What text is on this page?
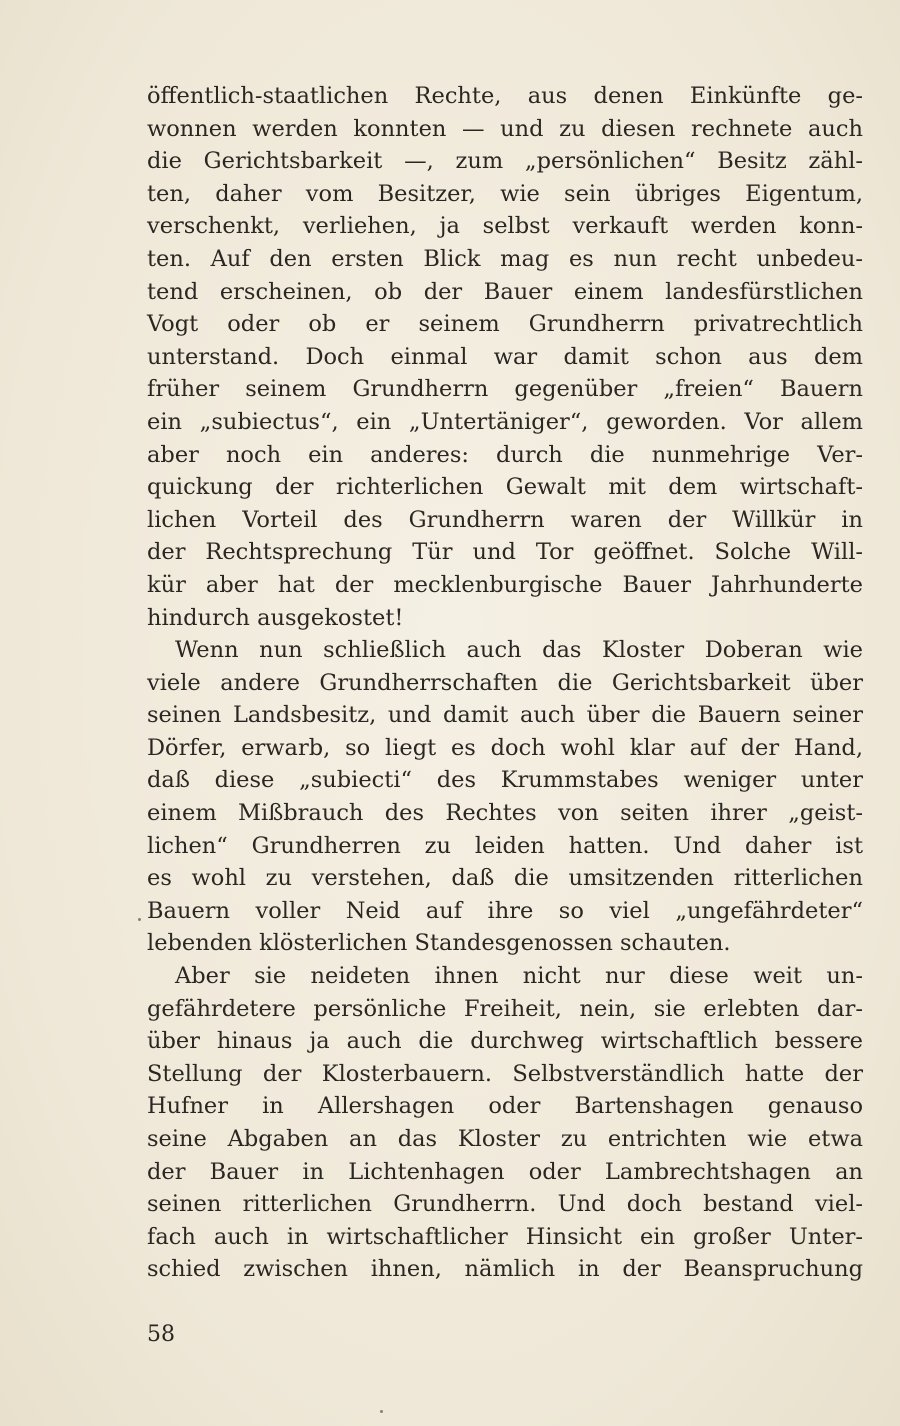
öffentlich-staatlichen Rechte, aus denen Einkünfte ge-
wonnen werden konnten — und zu diesen rechnete auch
die Gerichtsbarkeit —, zum „persönlichen“ Besitz zähl-
ten, daher vom Besitzer, wie sein übriges Eigentum,
verschenkt, verliehen, ja selbst verkauft werden konn-
ten. Auf den ersten Blick mag es nun recht unbedeu-
tend erscheinen, ob der Bauer einem landesfürstlichen
Vogt oder ob er seinem Grundherrn privatrechtlich
unterstand. Doch einmal war damit schon aus dem
früher seinem Grundherrn gegenüber „freien“ Bauern
ein „subiectus“, ein „Untertäniger“, geworden. Vor allem
aber noch ein anderes: durch die nunmehrige Ver-
quickung der richterlichen Gewalt mit dem wirtschaft-
lichen Vorteil des Grundherrn waren der Willkür in
der Rechtsprechung Tür und Tor geöffnet. Solche Will-
kür aber hat der mecklenburgische Bauer Jahrhunderte
hindurch ausgekostet!
Wenn nun schließlich auch das Kloster Doberan wie
viele andere Grundherrschaften die Gerichtsbarkeit über
seinen Landsbesitz, und damit auch über die Bauern seiner
Dörfer, erwarb, so liegt es doch wohl klar auf der Hand,
daß diese „subiecti“ des Krummstabes weniger unter
einem Mißbrauch des Rechtes von seiten ihrer „geist-
lichen“ Grundherren zu leiden hatten. Und daher ist
es wohl zu verstehen, daß die umsitzenden ritterlichen
Bauern voller Neid auf ihre so viel „ungefährdeter“
lebenden klösterlichen Standesgenossen schauten.
Aber sie neideten ihnen nicht nur diese weit un-
gefährdetere persönliche Freiheit, nein, sie erlebten dar-
über hinaus ja auch die durchweg wirtschaftlich bessere
Stellung der Klosterbauern. Selbstverständlich hatte der
Hufner in Allershagen oder Bartenshagen genauso
seine Abgaben an das Kloster zu entrichten wie etwa
der Bauer in Lichtenhagen oder Lambrechtshagen an
seinen ritterlichen Grundherrn. Und doch bestand viel-
fach auch in wirtschaftlicher Hinsicht ein großer Unter-
schied zwischen ihnen, nämlich in der Beanspruchung
58
